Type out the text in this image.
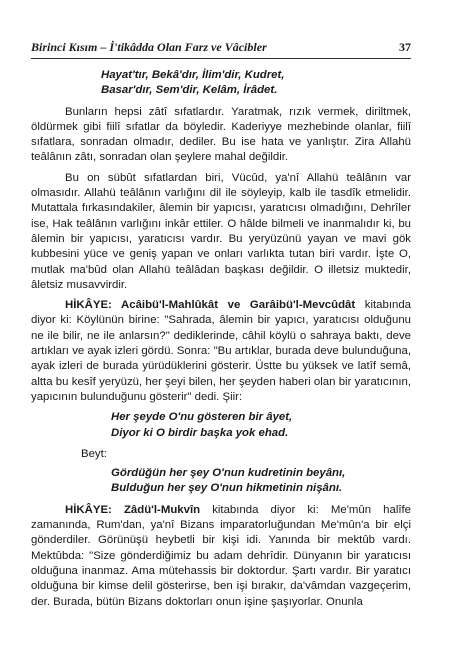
Birinci Kısım – İ'tikâdda Olan Farz ve Vâcibler	37
Hayat'tır, Bekâ'dır, İlim'dir, Kudret,
Basar'dır, Sem'dir, Kelâm, İrâdet.

Bunların hepsi zâtî sıfatlardır. Yaratmak, rızık vermek, diriltmek, öldürmek gibi fiilî sıfatlar da böyledir. Kaderiyye mezhebinde olanlar, fiilî sıfatlara, sonradan olmadır, dediler. Bu ise hata ve yanlıştır. Zira Allahü teâlânın zâtı, sonradan olan şeylere mahal değildir.

Bu on sübût sıfatlardan biri, Vücûd, ya'nî Allahü teâlânın var olmasıdır. Allahü teâlânın varlığını dil ile söyleyip, kalb ile tasdîk etmelidir. Mutattala fırkasındakiler, âlemin bir yapıcısı, yaratıcısı olmadığını, Dehrîler ise, Hak teâlânın varlığını inkâr ettiler. O hâlde bilmeli ve inanmalıdır ki, bu âlemin bir yapıcısı, yaratıcısı vardır. Bu yeryüzünü yayan ve mavi gök kubbesini yüce ve geniş yapan ve onları varlıkta tutan biri vardır. İşte O, mutlak ma'bûd olan Allahü teâlâdan başkası değildir. O illetsiz muktedir, âletsiz musavvirdir.

HİKÂYE: Acâibü'l-Mahlûkât ve Garâibü'l-Mevcûdât kitabında diyor ki: Köylünün birine: "Sahrada, âlemin bir yapıcı, yaratıcısı olduğunu ne ile bilir, ne ile anlarsın?" dediklerinde, câhil köylü o sahraya baktı, deve artıkları ve ayak izleri gördü. Sonra: "Bu artıklar, burada deve bulunduğuna, ayak izleri de burada yürüdüklerini gösterir. Üstte bu yüksek ve latîf semâ, altta bu kesîf yeryüzü, her şeyi bilen, her şeyden haberi olan bir yaratıcının, yapıcının bulunduğunu gösterir" dedi. Şiir:

Her şeyde O'nu gösteren bir âyet,
Diyor ki O birdir başka yok ehad.
Beyt:
Gördüğün her şey O'nun kudretinin beyânı,
Bulduğun her şey O'nun hikmetinin nişânı.

HİKÂYE: Zâdü'l-Mukvîn kitabında diyor ki: Me'mûn halîfe zamanında, Rum'dan, ya'nî Bizans imparatorluğundan Me'mûn'a bir elçi gönderdiler. Görünüşü heybetli bir kişi idi. Yanında bir mektûb vardı. Mektûbda: "Size gönderdiğimiz bu adam dehrîdir. Dünyanın bir yaratıcısı olduğuna inanmaz. Ama mütehassis bir doktordur. Şartı vardır. Bir yaratıcı olduğuna bir kimse delil gösterirse, ben işi bırakır, da'vâmdan vazgeçerim, der. Burada, bütün Bizans doktorları onun işine şaşıyorlar. Onunla
